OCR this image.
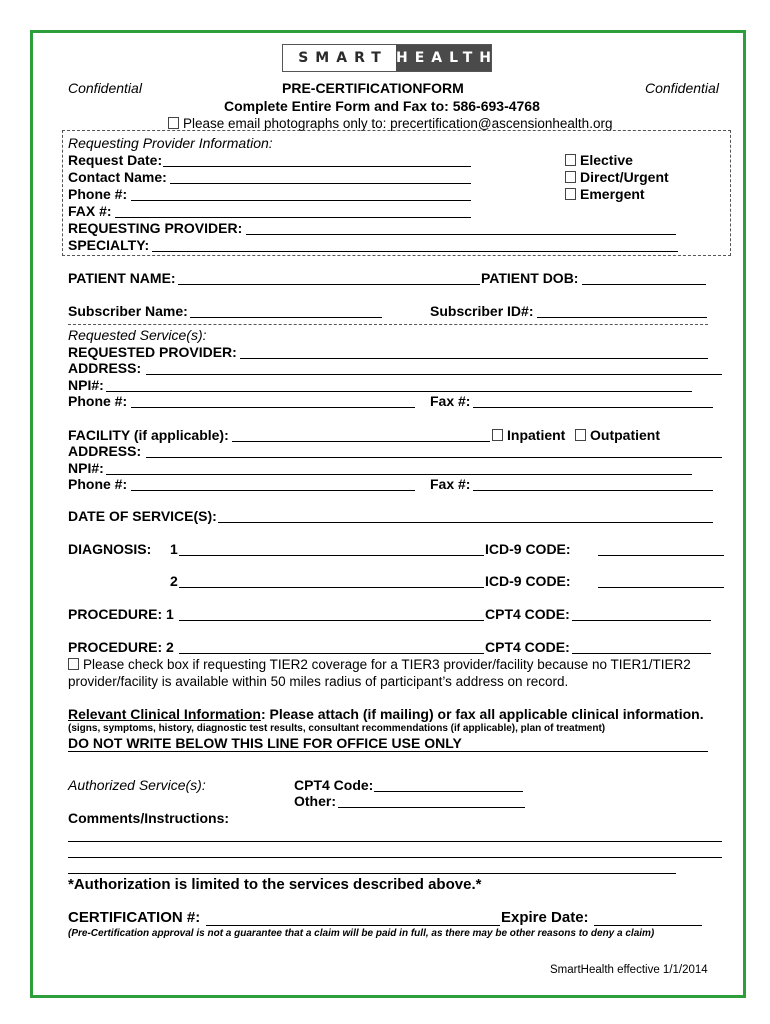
SMART HEALTH
Confidential	Confidential
PRE-CERTIFICATIONFORM
Complete Entire Form and Fax to: 586-693-4768
Please email photographs only to: precertification@ascensionhealth.org
Requesting Provider Information:
Request Date:
Contact Name:
Phone #:
FAX #:
REQUESTING PROVIDER:
SPECIALTY:
Elective
Direct/Urgent
Emergent
PATIENT NAME:	PATIENT DOB:
Subscriber Name:	Subscriber ID#:
Requested Service(s):
REQUESTED PROVIDER:
ADDRESS:
NPI#:
Phone #:	Fax #:
FACILITY (if applicable):	Inpatient	Outpatient
ADDRESS:
NPI#:
Phone #:	Fax #:
DATE OF SERVICE(S):
DIAGNOSIS: 1	ICD-9 CODE:
2	ICD-9 CODE:
PROCEDURE: 1	CPT4 CODE:
PROCEDURE: 2	CPT4 CODE:
Please check box if requesting TIER2 coverage for a TIER3 provider/facility because no TIER1/TIER2
provider/facility is available within 50 miles radius of participant’s address on record.
Relevant Clinical Information: Please attach (if mailing) or fax all applicable clinical information.
(signs, symptoms, history, diagnostic test results, consultant recommendations (if applicable), plan of treatment)
DO NOT WRITE BELOW THIS LINE FOR OFFICE USE ONLY
Authorized Service(s):	CPT4 Code:
Other:
Comments/Instructions:
*Authorization is limited to the services described above.*
CERTIFICATION #:	Expire Date:
(Pre-Certification approval is not a guarantee that a claim will be paid in full, as there may be other reasons to deny a claim)
SmartHealth effective 1/1/2014
